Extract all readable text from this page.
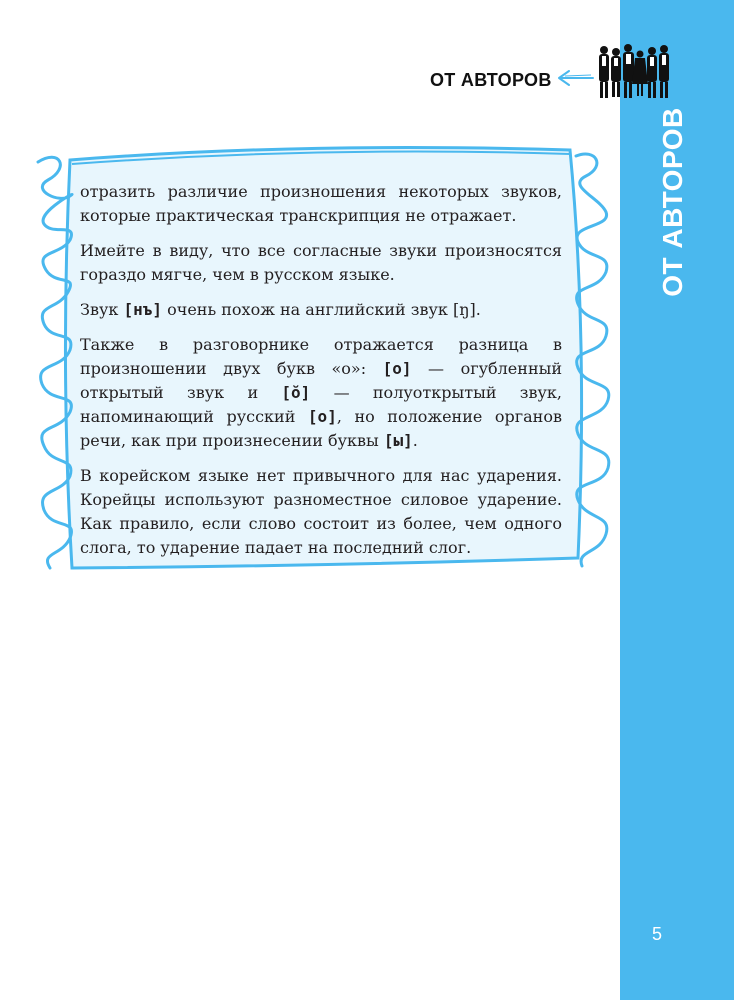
ОТ АВТОРОВ
ОТ АВТОРОВ

отразить различие произношения некоторых звуков, которые практическая транскрипция не отражает.

Имейте в виду, что все согласные звуки произносятся гораздо мягче, чем в русском языке.

Звук [нъ] очень похож на английский звук [ŋ].

Также в разговорнике отражается разница в произношении двух букв «о»: [о] — огубленный открытый звук и [ŏ] — полуоткрытый звук, напоминающий русский [о], но положение органов речи, как при произнесении буквы [ы].

В корейском языке нет привычного для нас ударения. Корейцы используют разноместное силовое ударение. Как правило, если слово состоит из более, чем одного слога, то ударение падает на последний слог.

5
